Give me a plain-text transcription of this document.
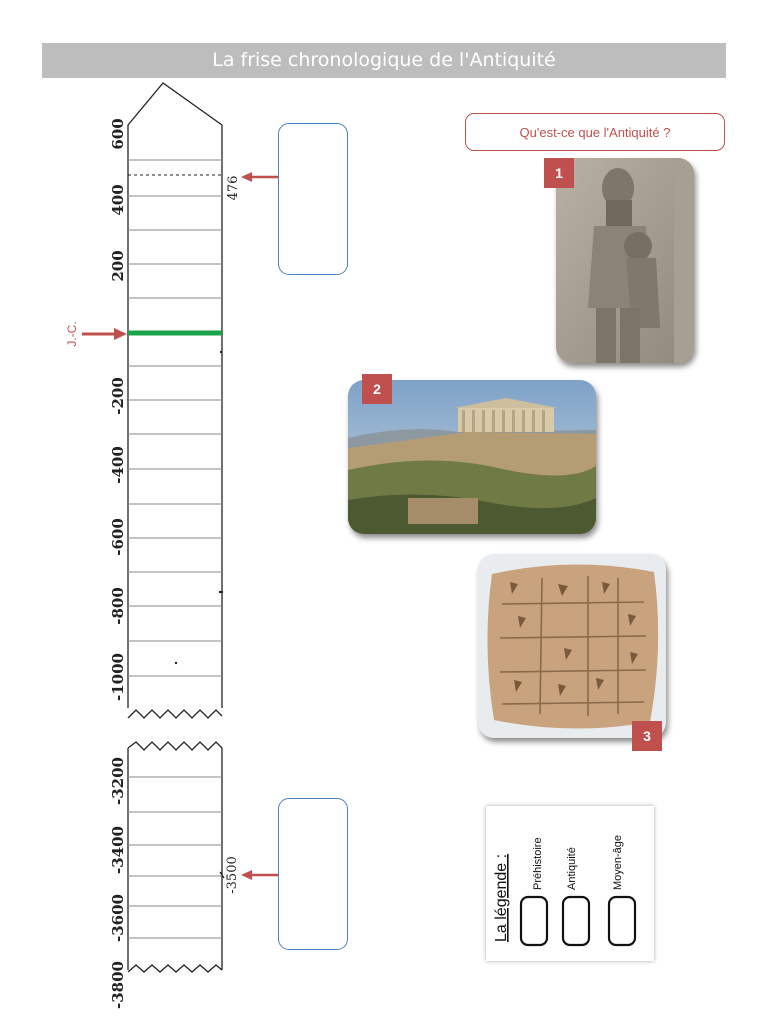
La frise chronologique de l'Antiquité
600
400
200
-200
-400
-600
-800
-1000
-3200
-3400
-3600
-3800
476
-3500
J.-C.
Qu'est-ce que l'Antiquité ?
1
2
3
La légende : Préhistoire Antiquité	Moyen-âge
